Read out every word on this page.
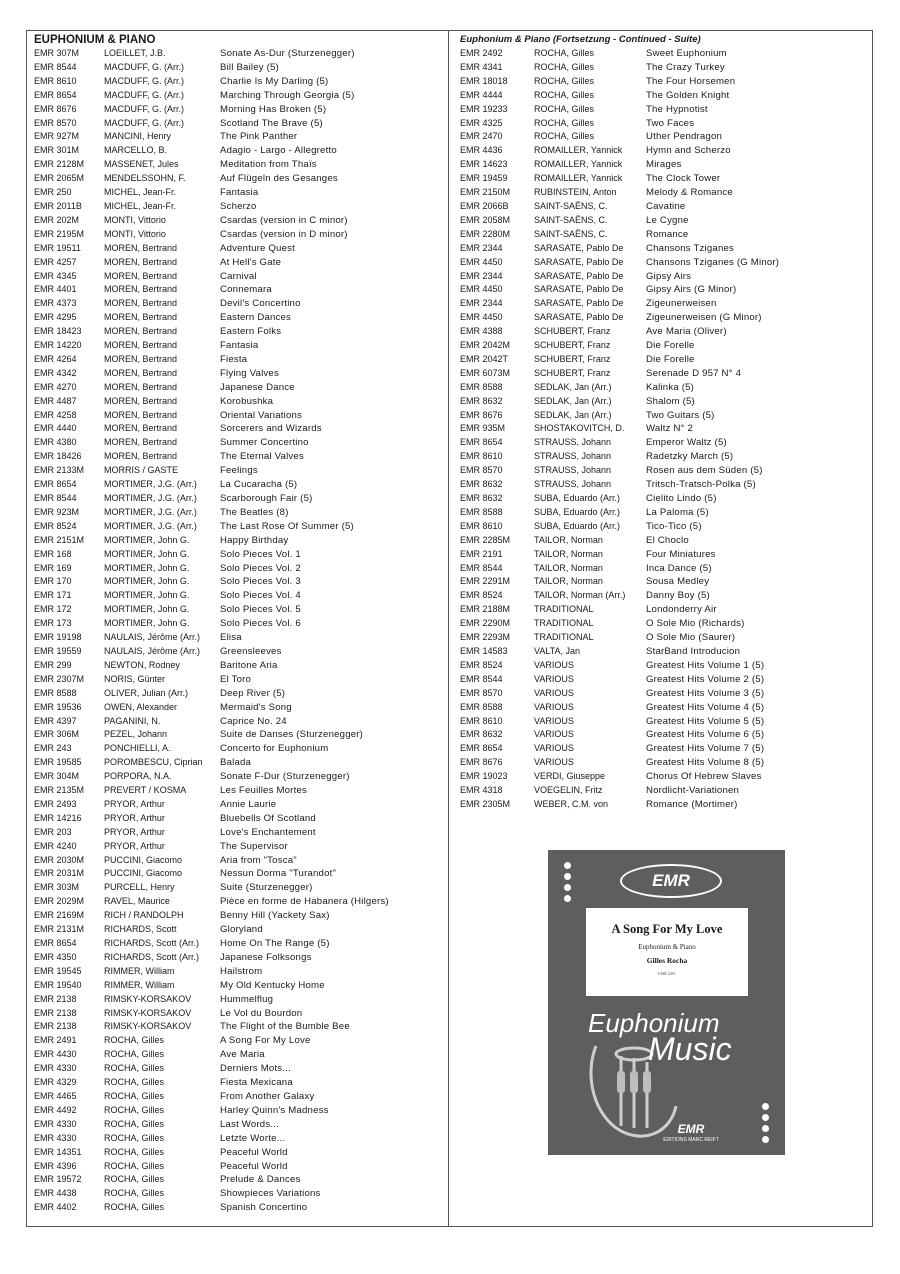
EUPHONIUM & PIANO
EMR 307M	LOEILLET, J.B.	Sonate As-Dur (Sturzenegger)
EMR 8544	MACDUFF, G. (Arr.)	Bill Bailey (5)
EMR 8610	MACDUFF, G. (Arr.)	Charlie Is My Darling (5)
EMR 8654	MACDUFF, G. (Arr.)	Marching Through Georgia (5)
EMR 8676	MACDUFF, G. (Arr.)	Morning Has Broken (5)
EMR 8570	MACDUFF, G. (Arr.)	Scotland The Brave (5)
EMR 927M	MANCINI, Henry	The Pink Panther
EMR 301M	MARCELLO, B.	Adagio - Largo - Allegretto
EMR 2128M	MASSENET, Jules	Meditation from Thaïs
EMR 2065M	MENDELSSOHN, F.	Auf Flügeln des Gesanges
EMR 250	MICHEL, Jean-Fr.	Fantasia
EMR 2011B	MICHEL, Jean-Fr.	Scherzo
EMR 202M	MONTI, Vittorio	Csardas (version in C minor)
EMR 2195M	MONTI, Vittorio	Csardas (version in D minor)
EMR 19511	MOREN, Bertrand	Adventure Quest
EMR 4257	MOREN, Bertrand	At Hell's Gate
EMR 4345	MOREN, Bertrand	Carnival
EMR 4401	MOREN, Bertrand	Connemara
EMR 4373	MOREN, Bertrand	Devil's Concertino
EMR 4295	MOREN, Bertrand	Eastern Dances
EMR 18423	MOREN, Bertrand	Eastern Folks
EMR 14220	MOREN, Bertrand	Fantasia
EMR 4264	MOREN, Bertrand	Fiesta
EMR 4342	MOREN, Bertrand	Flying Valves
EMR 4270	MOREN, Bertrand	Japanese Dance
EMR 4487	MOREN, Bertrand	Korobushka
EMR 4258	MOREN, Bertrand	Oriental Variations
EMR 4440	MOREN, Bertrand	Sorcerers and Wizards
EMR 4380	MOREN, Bertrand	Summer Concertino
EMR 18426	MOREN, Bertrand	The Eternal Valves
EMR 2133M	MORRIS / GASTE	Feelings
EMR 8654	MORTIMER, J.G. (Arr.)	La Cucaracha (5)
EMR 8544	MORTIMER, J.G. (Arr.)	Scarborough Fair (5)
EMR 923M	MORTIMER, J.G. (Arr.)	The Beatles (8)
EMR 8524	MORTIMER, J.G. (Arr.)	The Last Rose Of Summer (5)
EMR 2151M	MORTIMER, John G.	Happy Birthday
EMR 168	MORTIMER, John G.	Solo Pieces Vol. 1
EMR 169	MORTIMER, John G.	Solo Pieces Vol. 2
EMR 170	MORTIMER, John G.	Solo Pieces Vol. 3
EMR 171	MORTIMER, John G.	Solo Pieces Vol. 4
EMR 172	MORTIMER, John G.	Solo Pieces Vol. 5
EMR 173	MORTIMER, John G.	Solo Pieces Vol. 6
EMR 19198	NAULAIS, Jérôme (Arr.)	Elisa
EMR 19559	NAULAIS, Jérôme (Arr.)	Greensleeves
EMR 299	NEWTON, Rodney	Baritone Aria
EMR 2307M	NORIS, Günter	El Toro
EMR 8588	OLIVER, Julian (Arr.)	Deep River (5)
EMR 19536	OWEN, Alexander	Mermaid's Song
EMR 4397	PAGANINI, N.	Caprice No. 24
EMR 306M	PEZEL, Johann	Suite de Danses (Sturzenegger)
EMR 243	PONCHIELLI, A.	Concerto for Euphonium
EMR 19585	POROMBESCU, Ciprian	Balada
EMR 304M	PORPORA, N.A.	Sonate F-Dur (Sturzenegger)
EMR 2135M	PREVERT / KOSMA	Les Feuilles Mortes
EMR 2493	PRYOR, Arthur	Annie Laurie
EMR 14216	PRYOR, Arthur	Bluebells Of Scotland
EMR 203	PRYOR, Arthur	Love's Enchantement
EMR 4240	PRYOR, Arthur	The Supervisor
EMR 2030M	PUCCINI, Giacomo	Aria from "Tosca"
EMR 2031M	PUCCINI, Giacomo	Nessun Dorma "Turandot"
EMR 303M	PURCELL, Henry	Suite (Sturzenegger)
EMR 2029M	RAVEL, Maurice	Pièce en forme de Habanera (Hilgers)
EMR 2169M	RICH / RANDOLPH	Benny Hill (Yackety Sax)
EMR 2131M	RICHARDS, Scott	Gloryland
EMR 8654	RICHARDS, Scott (Arr.)	Home On The Range (5)
EMR 4350	RICHARDS, Scott (Arr.)	Japanese Folksongs
EMR 19545	RIMMER, William	Hailstrom
EMR 19540	RIMMER, William	My Old Kentucky Home
EMR 2138	RIMSKY-KORSAKOV	Hummelflug
EMR 2138	RIMSKY-KORSAKOV	Le Vol du Bourdon
EMR 2138	RIMSKY-KORSAKOV	The Flight of the Bumble Bee
EMR 2491	ROCHA, Gilles	A Song For My Love
EMR 4430	ROCHA, Gilles	Ave Maria
EMR 4330	ROCHA, Gilles	Derniers Mots...
EMR 4329	ROCHA, Gilles	Fiesta Mexicana
EMR 4465	ROCHA, Gilles	From Another Galaxy
EMR 4492	ROCHA, Gilles	Harley Quinn's Madness
EMR 4330	ROCHA, Gilles	Last Words...
EMR 4330	ROCHA, Gilles	Letzte Worte...
EMR 14351	ROCHA, Gilles	Peaceful World
EMR 4396	ROCHA, Gilles	Peaceful World
EMR 19572	ROCHA, Gilles	Prelude & Dances
EMR 4438	ROCHA, Gilles	Showpieces Variations
EMR 4402	ROCHA, Gilles	Spanish Concertino
Euphonium & Piano (Fortsetzung - Continued - Suite)
EMR 2492	ROCHA, Gilles	Sweet Euphonium
EMR 4341	ROCHA, Gilles	The Crazy Turkey
EMR 18018	ROCHA, Gilles	The Four Horsemen
EMR 4444	ROCHA, Gilles	The Golden Knight
EMR 19233	ROCHA, Gilles	The Hypnotist
EMR 4325	ROCHA, Gilles	Two Faces
EMR 2470	ROCHA, Gilles	Uther Pendragon
EMR 4436	ROMAILLER, Yannick	Hymn and Scherzo
EMR 14623	ROMAILLER, Yannick	Mirages
EMR 19459	ROMAILLER, Yannick	The Clock Tower
EMR 2150M	RUBINSTEIN, Anton	Melody & Romance
EMR 2066B	SAINT-SAËNS, C.	Cavatine
EMR 2058M	SAINT-SAËNS, C.	Le Cygne
EMR 2280M	SAINT-SAËNS, C.	Romance
EMR 2344	SARASATE, Pablo De	Chansons Tziganes
EMR 4450	SARASATE, Pablo De	Chansons Tziganes (G Minor)
EMR 2344	SARASATE, Pablo De	Gipsy Airs
EMR 4450	SARASATE, Pablo De	Gipsy Airs (G Minor)
EMR 2344	SARASATE, Pablo De	Zigeunerweisen
EMR 4450	SARASATE, Pablo De	Zigeunerweisen (G Minor)
EMR 4388	SCHUBERT, Franz	Ave Maria (Oliver)
EMR 2042M	SCHUBERT, Franz	Die Forelle
EMR 2042T	SCHUBERT, Franz	Die Forelle
EMR 6073M	SCHUBERT, Franz	Serenade D 957 N° 4
EMR 8588	SEDLAK, Jan (Arr.)	Kalinka (5)
EMR 8632	SEDLAK, Jan (Arr.)	Shalom (5)
EMR 8676	SEDLAK, Jan (Arr.)	Two Guitars (5)
EMR 935M	SHOSTAKOVITCH, D.	Waltz N° 2
EMR 8654	STRAUSS, Johann	Emperor Waltz (5)
EMR 8610	STRAUSS, Johann	Radetzky March (5)
EMR 8570	STRAUSS, Johann	Rosen aus dem Süden (5)
EMR 8632	STRAUSS, Johann	Tritsch-Tratsch-Polka (5)
EMR 8632	SUBA, Eduardo (Arr.)	Cielito Lindo (5)
EMR 8588	SUBA, Eduardo (Arr.)	La Paloma (5)
EMR 8610	SUBA, Eduardo (Arr.)	Tico-Tico (5)
EMR 2285M	TAILOR, Norman	El Choclo
EMR 2191	TAILOR, Norman	Four Miniatures
EMR 8544	TAILOR, Norman	Inca Dance (5)
EMR 2291M	TAILOR, Norman	Sousa Medley
EMR 8524	TAILOR, Norman (Arr.)	Danny Boy (5)
EMR 2188M	TRADITIONAL	Londonderry Air
EMR 2290M	TRADITIONAL	O Sole Mio (Richards)
EMR 2293M	TRADITIONAL	O Sole Mio (Saurer)
EMR 14583	VALTA, Jan	StarBand Introducion
EMR 8524	VARIOUS	Greatest Hits Volume 1 (5)
EMR 8544	VARIOUS	Greatest Hits Volume 2 (5)
EMR 8570	VARIOUS	Greatest Hits Volume 3 (5)
EMR 8588	VARIOUS	Greatest Hits Volume 4 (5)
EMR 8610	VARIOUS	Greatest Hits Volume 5 (5)
EMR 8632	VARIOUS	Greatest Hits Volume 6 (5)
EMR 8654	VARIOUS	Greatest Hits Volume 7 (5)
EMR 8676	VARIOUS	Greatest Hits Volume 8 (5)
EMR 19023	VERDI, Giuseppe	Chorus Of Hebrew Slaves
EMR 4318	VOEGELIN, Fritz	Nordlicht-Variationen
EMR 2305M	WEBER, C.M. von	Romance (Mortimer)
EMR
A Song For My Love
Euphonium & Piano
Gilles Rocha
EMR 2491
Euphonium
Music
EMR
EDITIONS MARC REIFT
